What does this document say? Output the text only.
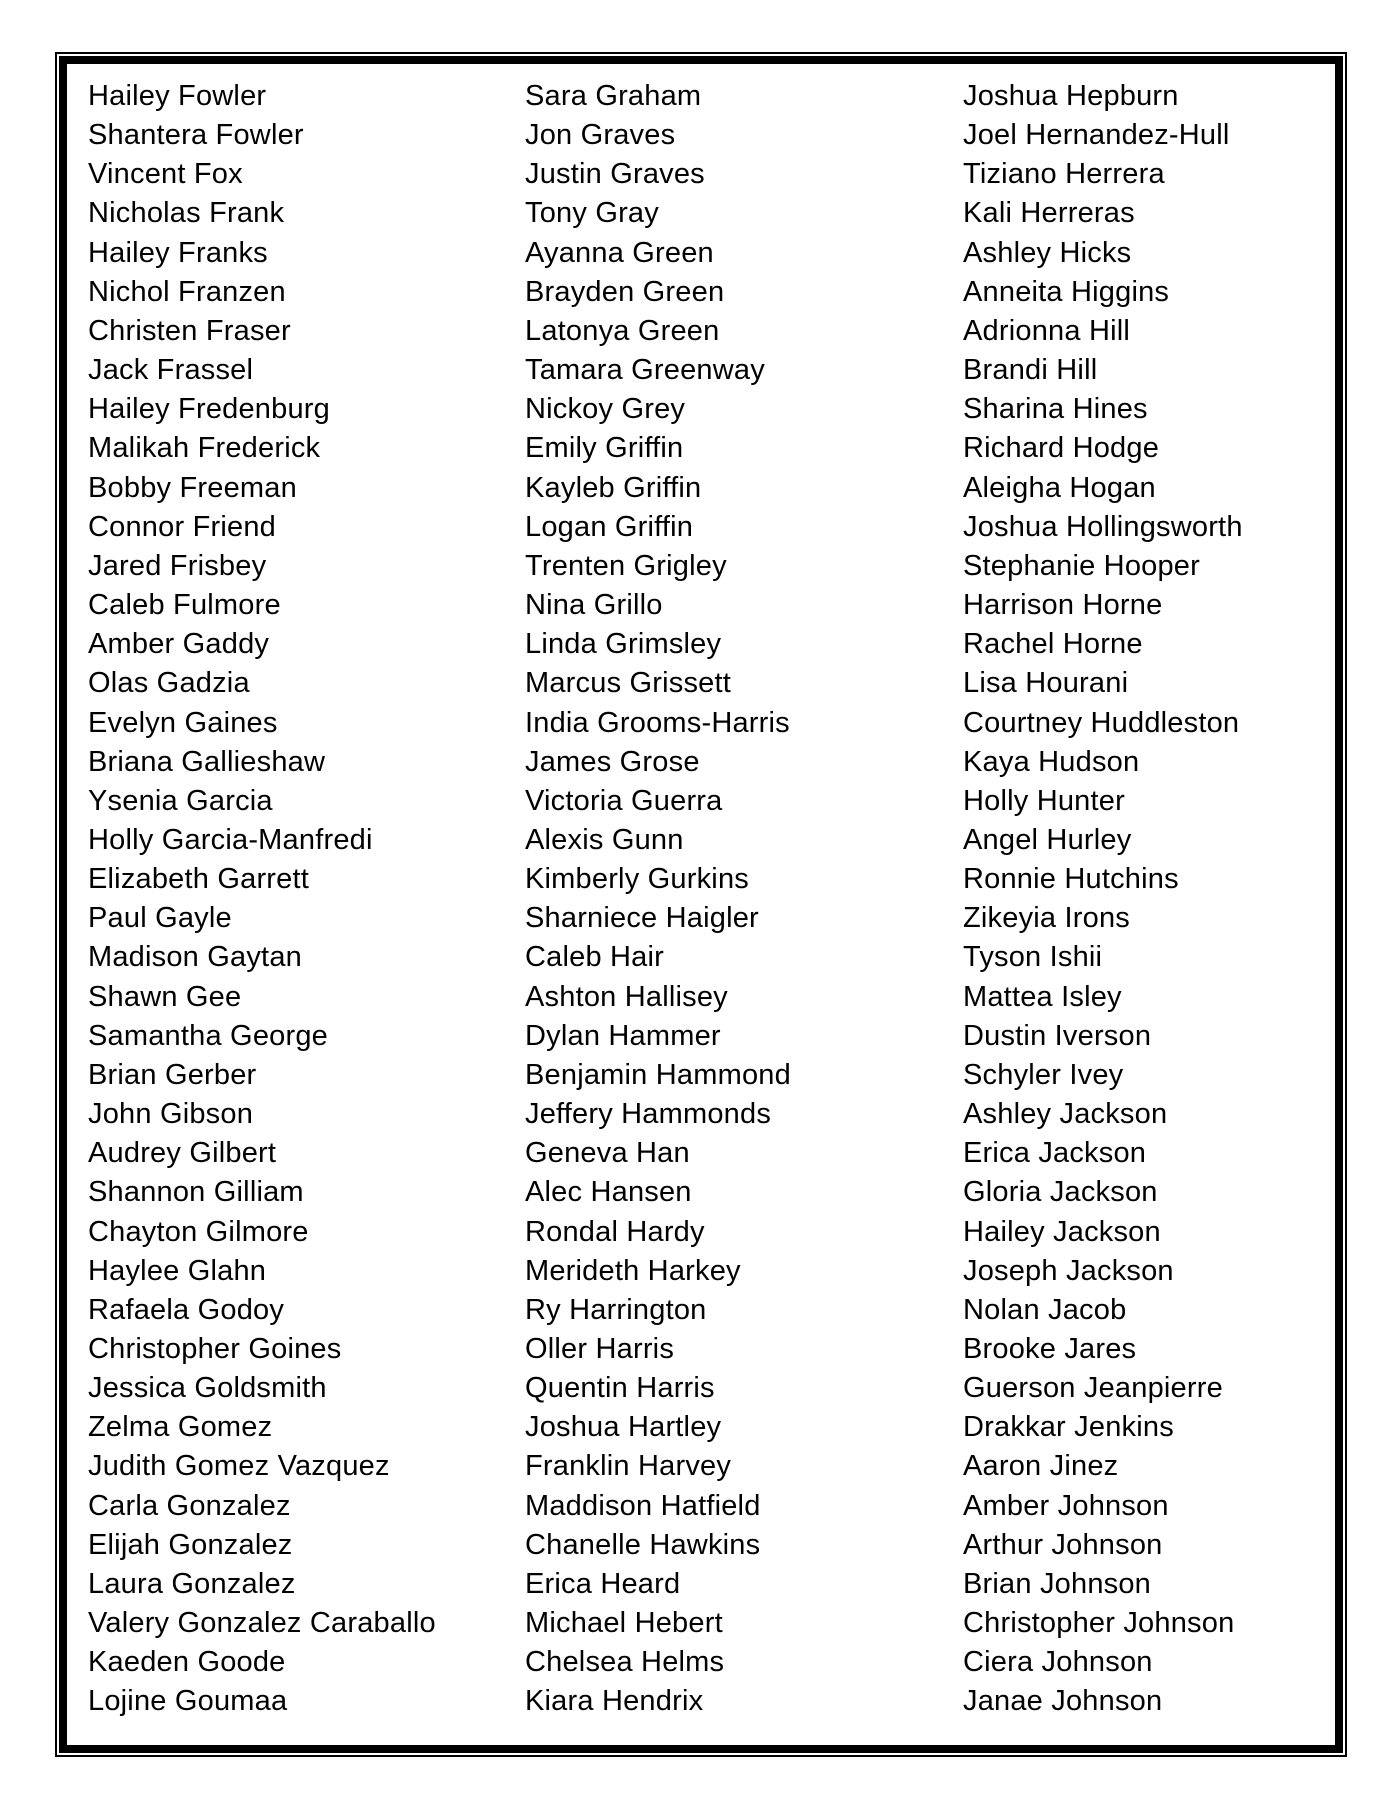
Hailey Fowler
Shantera Fowler
Vincent Fox
Nicholas Frank
Hailey Franks
Nichol Franzen
Christen Fraser
Jack Frassel
Hailey Fredenburg
Malikah Frederick
Bobby Freeman
Connor Friend
Jared Frisbey
Caleb Fulmore
Amber Gaddy
Olas Gadzia
Evelyn Gaines
Briana Gallieshaw
Ysenia Garcia
Holly Garcia-Manfredi
Elizabeth Garrett
Paul Gayle
Madison Gaytan
Shawn Gee
Samantha George
Brian Gerber
John Gibson
Audrey Gilbert
Shannon Gilliam
Chayton Gilmore
Haylee Glahn
Rafaela Godoy
Christopher Goines
Jessica Goldsmith
Zelma Gomez
Judith Gomez Vazquez
Carla Gonzalez
Elijah Gonzalez
Laura Gonzalez
Valery Gonzalez Caraballo
Kaeden Goode
Lojine Goumaa
Sara Graham
Jon Graves
Justin Graves
Tony Gray
Ayanna Green
Brayden Green
Latonya Green
Tamara Greenway
Nickoy Grey
Emily Griffin
Kayleb Griffin
Logan Griffin
Trenten Grigley
Nina Grillo
Linda Grimsley
Marcus Grissett
India Grooms-Harris
James Grose
Victoria Guerra
Alexis Gunn
Kimberly Gurkins
Sharniece Haigler
Caleb Hair
Ashton Hallisey
Dylan Hammer
Benjamin Hammond
Jeffery Hammonds
Geneva Han
Alec Hansen
Rondal Hardy
Merideth Harkey
Ry Harrington
Oller Harris
Quentin Harris
Joshua Hartley
Franklin Harvey
Maddison Hatfield
Chanelle Hawkins
Erica Heard
Michael Hebert
Chelsea Helms
Kiara Hendrix
Joshua Hepburn
Joel Hernandez-Hull
Tiziano Herrera
Kali Herreras
Ashley Hicks
Anneita Higgins
Adrionna Hill
Brandi Hill
Sharina Hines
Richard Hodge
Aleigha Hogan
Joshua Hollingsworth
Stephanie Hooper
Harrison Horne
Rachel Horne
Lisa Hourani
Courtney Huddleston
Kaya Hudson
Holly Hunter
Angel Hurley
Ronnie Hutchins
Zikeyia Irons
Tyson Ishii
Mattea Isley
Dustin Iverson
Schyler Ivey
Ashley Jackson
Erica Jackson
Gloria Jackson
Hailey Jackson
Joseph Jackson
Nolan Jacob
Brooke Jares
Guerson Jeanpierre
Drakkar Jenkins
Aaron Jinez
Amber Johnson
Arthur Johnson
Brian Johnson
Christopher Johnson
Ciera Johnson
Janae Johnson
